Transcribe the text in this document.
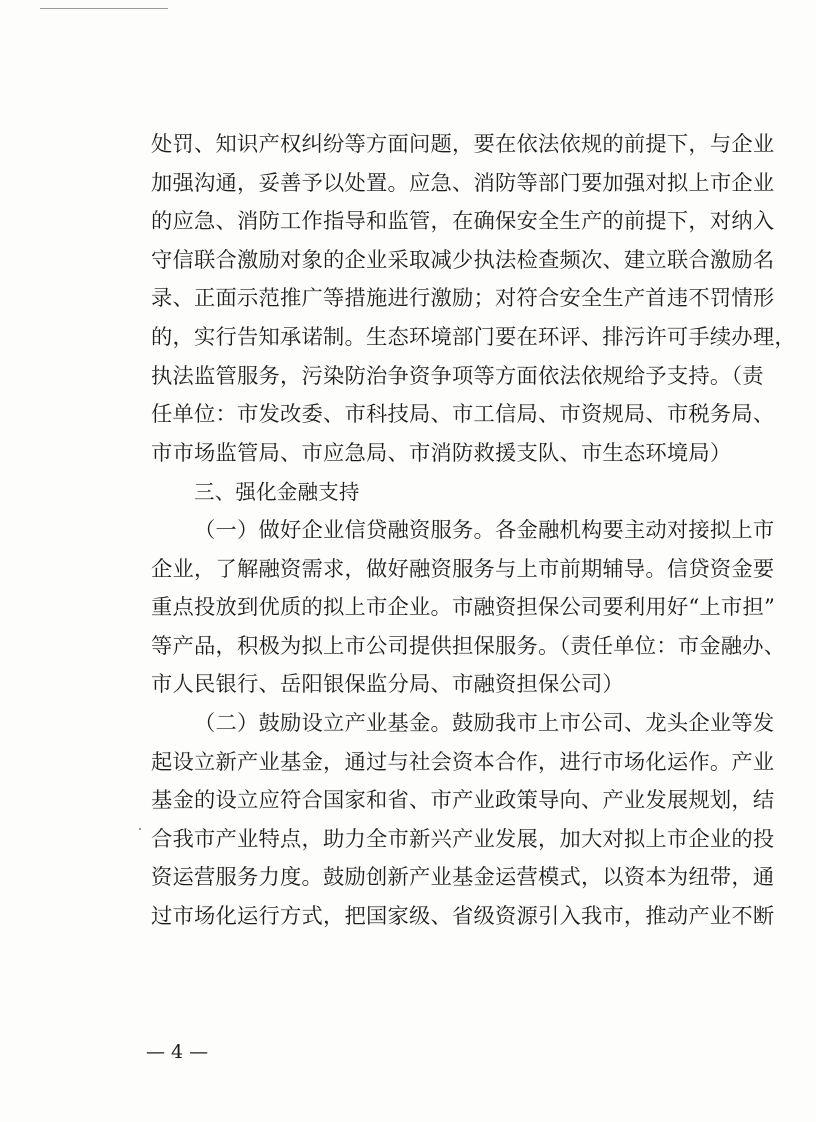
处罚、知识产权纠纷等方面问题，要在依法依规的前提下，与企业
加强沟通，妥善予以处置。应急、消防等部门要加强对拟上市企业
的应急、消防工作指导和监管，在确保安全生产的前提下，对纳入
守信联合激励对象的企业采取减少执法检查频次、建立联合激励名
录、正面示范推广等措施进行激励；对符合安全生产首违不罚情形
的，实行告知承诺制。生态环境部门要在环评、排污许可手续办理，
执法监管服务，污染防治争资争项等方面依法依规给予支持。（责
任单位：市发改委、市科技局、市工信局、市资规局、市税务局、
市市场监管局、市应急局、市消防救援支队、市生态环境局）
三、强化金融支持
（一）做好企业信贷融资服务。各金融机构要主动对接拟上市
企业，了解融资需求，做好融资服务与上市前期辅导。信贷资金要
重点投放到优质的拟上市企业。市融资担保公司要利用好“上市担”
等产品，积极为拟上市公司提供担保服务。（责任单位：市金融办、
市人民银行、岳阳银保监分局、市融资担保公司）
（二）鼓励设立产业基金。鼓励我市上市公司、龙头企业等发
起设立新产业基金，通过与社会资本合作，进行市场化运作。产业
基金的设立应符合国家和省、市产业政策导向、产业发展规划，结
合我市产业特点，助力全市新兴产业发展，加大对拟上市企业的投
资运营服务力度。鼓励创新产业基金运营模式，以资本为纽带，通
过市场化运行方式，把国家级、省级资源引入我市，推动产业不断
— 4 —
